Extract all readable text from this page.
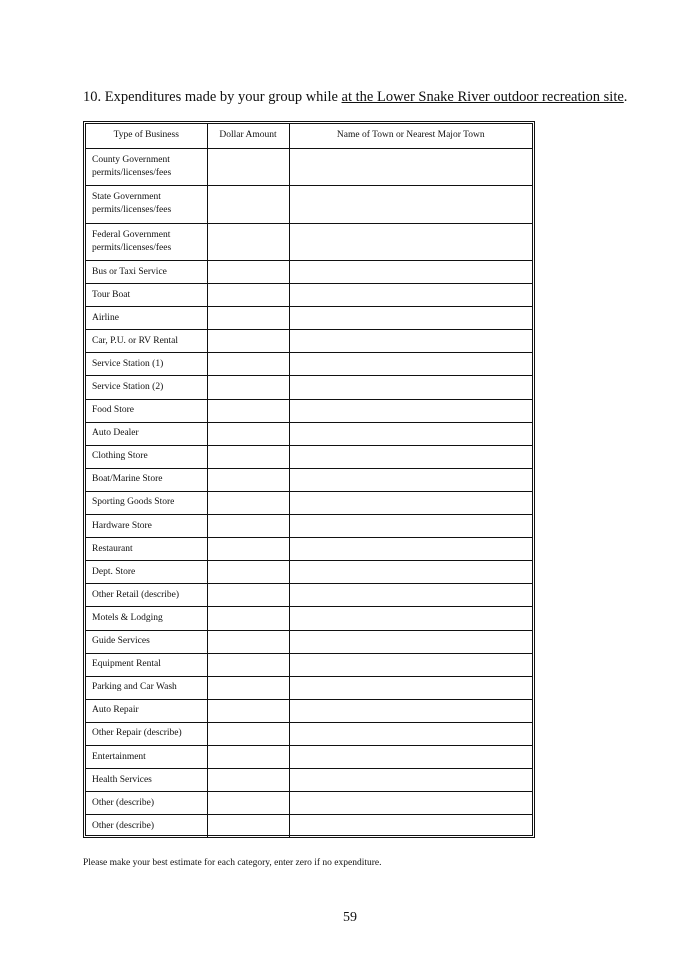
10. Expenditures made by your group while at the Lower Snake River outdoor recreation site.
Type of Business	Dollar Amount	Name of Town or Nearest Major Town
County Government permits/licenses/fees		
State Government permits/licenses/fees		
Federal Government permits/licenses/fees		
Bus or Taxi Service		
Tour Boat		
Airline		
Car, P.U. or RV Rental		
Service Station (1)		
Service Station (2)		
Food Store		
Auto Dealer		
Clothing Store		
Boat/Marine Store		
Sporting Goods Store		
Hardware Store		
Restaurant		
Dept. Store		
Other Retail (describe)		
Motels & Lodging		
Guide Services		
Equipment Rental		
Parking and Car Wash		
Auto Repair		
Other Repair (describe)		
Entertainment		
Health Services		
Other (describe)		
Other (describe)		
Please make your best estimate for each category, enter zero if no expenditure.
59
